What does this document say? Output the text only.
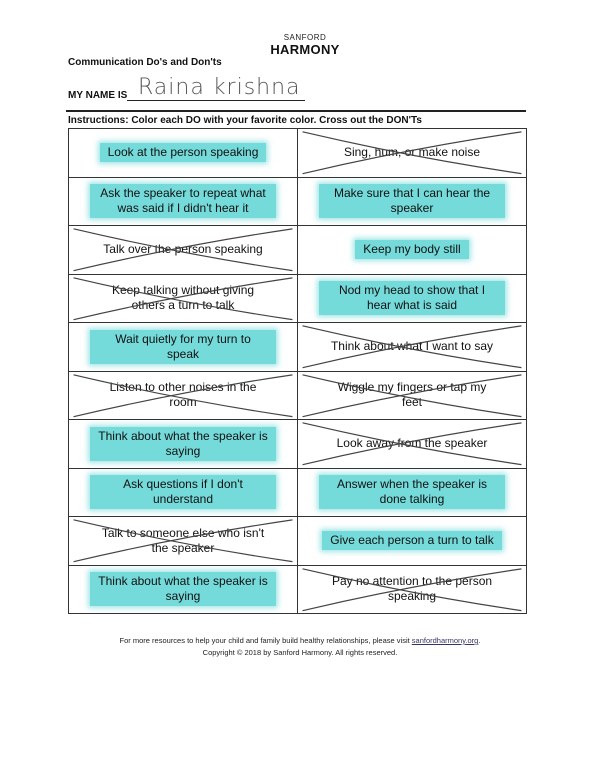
SANFORD
HARMONY
Communication Do's and Don'ts
MY NAME IS Raina krishna
Instructions: Color each DO with your favorite color. Cross out the DON'Ts
Look at the person speaking	Sing, hum, or make noise
Ask the speaker to repeat what was said if I didn't hear it
Make sure that I can hear the speaker
Talk over the person speaking	Keep my body still
Keep talking without giving others a turn to talk
Nod my head to show that I hear what is said
Wait quietly for my turn to speak
Think about what I want to say
Listen to other noises in the room
Wiggle my fingers or tap my feet
Think about what the speaker is saying
Look away from the speaker
Ask questions if I don't understand
Answer when the speaker is done talking
Talk to someone else who isn't the speaker
Give each person a turn to talk
Think about what the speaker is saying
Pay no attention to the person speaking
For more resources to help your child and family build healthy relationships, please visit sanfordharmony.org.
Copyright © 2018 by Sanford Harmony. All rights reserved.
